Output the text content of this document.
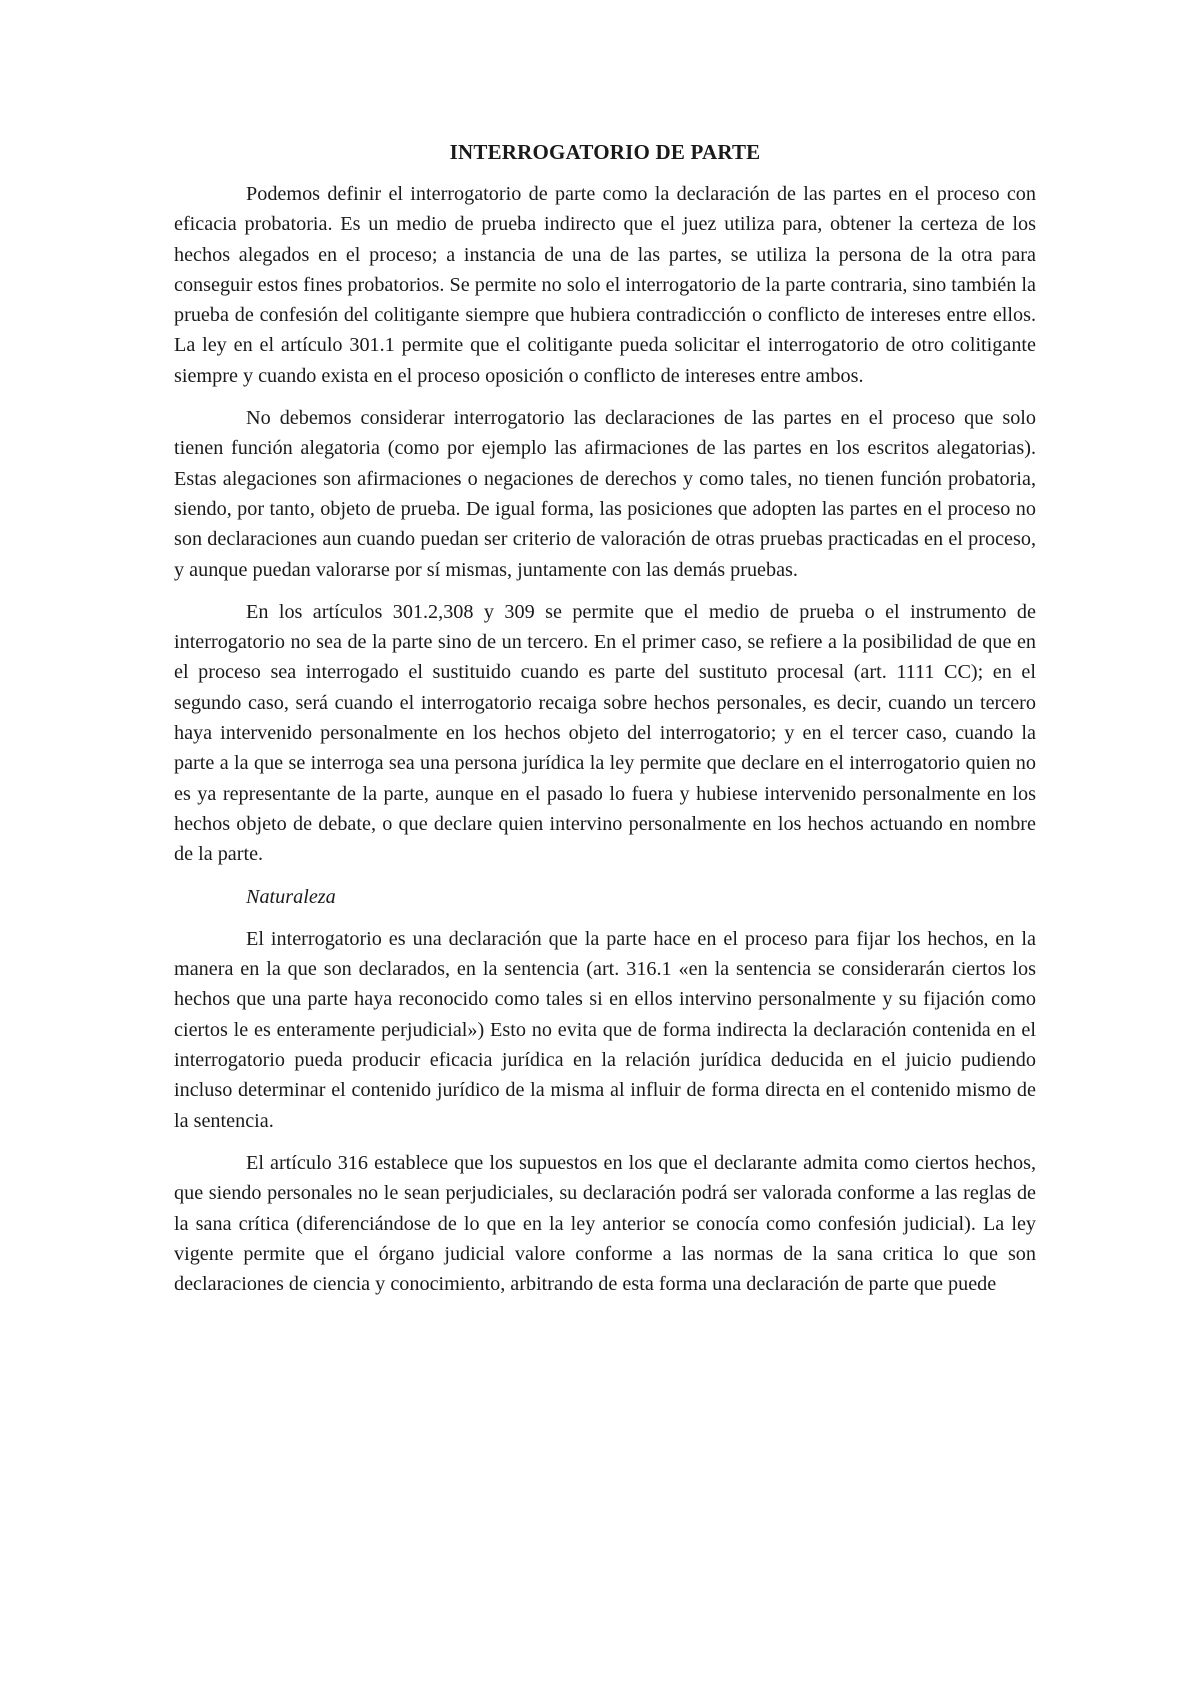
INTERROGATORIO DE PARTE

Podemos definir el interrogatorio de parte como la declaración de las partes en el proceso con eficacia probatoria. Es un medio de prueba indirecto que el juez utiliza para, obtener la certeza de los hechos alegados en el proceso; a instancia de una de las partes, se utiliza la persona de la otra para conseguir estos fines probatorios. Se permite no solo el interrogatorio de la parte contraria, sino también la prueba de confesión del colitigante siempre que hubiera contradicción o conflicto de intereses entre ellos. La ley en el artículo 301.1 permite que el colitigante pueda solicitar el interrogatorio de otro colitigante siempre y cuando exista en el proceso oposición o conflicto de intereses entre ambos.

No debemos considerar interrogatorio las declaraciones de las partes en el proceso que solo tienen función alegatoria (como por ejemplo las afirmaciones de las partes en los escritos alegatorias). Estas alegaciones son afirmaciones o negaciones de derechos y como tales, no tienen función probatoria, siendo, por tanto, objeto de prueba. De igual forma, las posiciones que adopten las partes en el proceso no son declaraciones aun cuando puedan ser criterio de valoración de otras pruebas practicadas en el proceso, y aunque puedan valorarse por sí mismas, juntamente con las demás pruebas.

En los artículos 301.2,308 y 309 se permite que el medio de prueba o el instrumento de interrogatorio no sea de la parte sino de un tercero. En el primer caso, se refiere a la posibilidad de que en el proceso sea interrogado el sustituido cuando es parte del sustituto procesal (art. 1111 CC); en el segundo caso, será cuando el interrogatorio recaiga sobre hechos personales, es decir, cuando un tercero haya intervenido personalmente en los hechos objeto del interrogatorio; y en el tercer caso, cuando la parte a la que se interroga sea una persona jurídica la ley permite que declare en el interrogatorio quien no es ya representante de la parte, aunque en el pasado lo fuera y hubiese intervenido personalmente en los hechos objeto de debate, o que declare quien intervino personalmente en los hechos actuando en nombre de la parte.

Naturaleza

El interrogatorio es una declaración que la parte hace en el proceso para fijar los hechos, en la manera en la que son declarados, en la sentencia (art. 316.1 «en la sentencia se considerarán ciertos los hechos que una parte haya reconocido como tales si en ellos intervino personalmente y su fijación como ciertos le es enteramente perjudicial») Esto no evita que de forma indirecta la declaración contenida en el interrogatorio pueda producir eficacia jurídica en la relación jurídica deducida en el juicio pudiendo incluso determinar el contenido jurídico de la misma al influir de forma directa en el contenido mismo de la sentencia.

El artículo 316 establece que los supuestos en los que el declarante admita como ciertos hechos, que siendo personales no le sean perjudiciales, su declaración podrá ser valorada conforme a las reglas de la sana crítica (diferenciándose de lo que en la ley anterior se conocía como confesión judicial). La ley vigente permite que el órgano judicial valore conforme a las normas de la sana critica lo que son declaraciones de ciencia y conocimiento, arbitrando de esta forma una declaración de parte que puede
